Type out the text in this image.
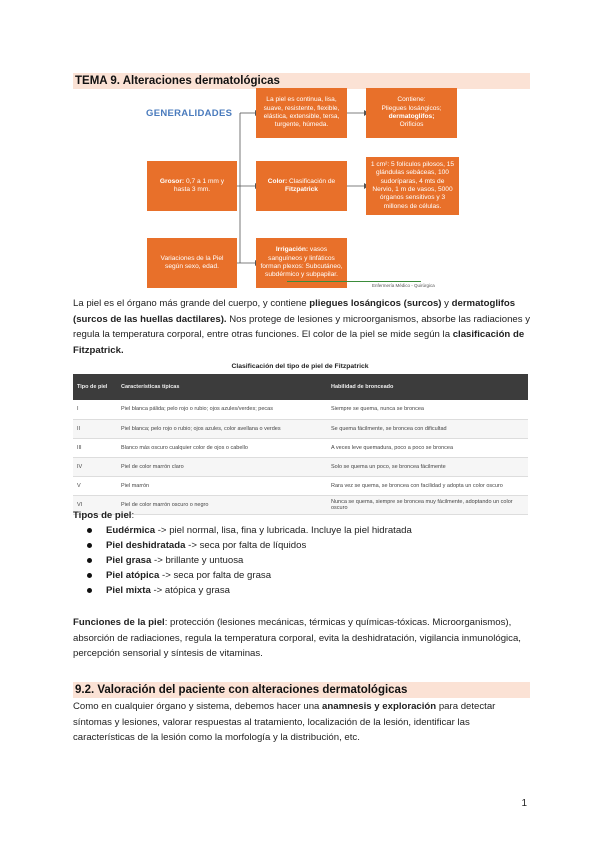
TEMA 9. Alteraciones dermatológicas
GENERALIDADES
La piel es continua, lisa, suave, resistente, flexible, elástica, extensible, tersa, turgente, húmeda.
Contiene:
Pliegues losángicos;
dermatoglifos;
Orificios
Grosor: 0,7 a 1 mm y hasta 3 mm.
Color: Clasificación de Fitzpatrick
1 cm²: 5 folículos pilosos, 15 glándulas sebáceas, 100 sudoríparas, 4 mts de Nervio, 1 m de vasos, 5000 órganos sensitivos y 3 millones de células.
Variaciones de la Piel según sexo, edad.
Irrigación: vasos sanguíneos y linfáticos forman plexos: Subcutáneo, subdérmico y subpapilar.
Enfermería Médico - Quirúrgica
La piel es el órgano más grande del cuerpo, y contiene pliegues losángicos (surcos) y dermatoglifos (surcos de las huellas dactilares). Nos protege de lesiones y microorganismos, absorbe las radiaciones y regula la temperatura corporal, entre otras funciones. El color de la piel se mide según la clasificación de Fitzpatrick.
Clasificación del tipo de piel de Fitzpatrick
Tipo de piel	Características típicas	Habilidad de bronceado
I	Piel blanca pálida; pelo rojo o rubio; ojos azules/verdes; pecas	Siempre se quema, nunca se broncea
II	Piel blanca; pelo rojo o rubio; ojos azules, color avellana o verdes	Se quema fácilmente, se broncea con dificultad
III	Blanco más oscuro cualquier color de ojos o cabello	A veces leve quemadura, poco a poco se broncea
IV	Piel de color marrón claro	Solo se quema un poco, se broncea fácilmente
V	Piel marrón	Rara vez se quema, se broncea con facilidad y adopta un color oscuro
VI	Piel de color marrón oscuro o negro	Nunca se quema, siempre se broncea muy fácilmente, adoptando un color oscuro
Tipos de piel:
Eudérmica -> piel normal, lisa, fina y lubricada. Incluye la piel hidratada
Piel deshidratada -> seca por falta de líquidos
Piel grasa -> brillante y untuosa
Piel atópica -> seca por falta de grasa
Piel mixta -> atópica y grasa
Funciones de la piel: protección (lesiones mecánicas, térmicas y químicas-tóxicas. Microorganismos), absorción de radiaciones, regula la temperatura corporal, evita la deshidratación, vigilancia inmunológica, percepción sensorial y síntesis de vitaminas.
9.2. Valoración del paciente con alteraciones dermatológicas
Como en cualquier órgano y sistema, debemos hacer una anamnesis y exploración para detectar síntomas y lesiones, valorar respuestas al tratamiento, localización de la lesión, identificar las características de la lesión como la morfología y la distribución, etc.
1
